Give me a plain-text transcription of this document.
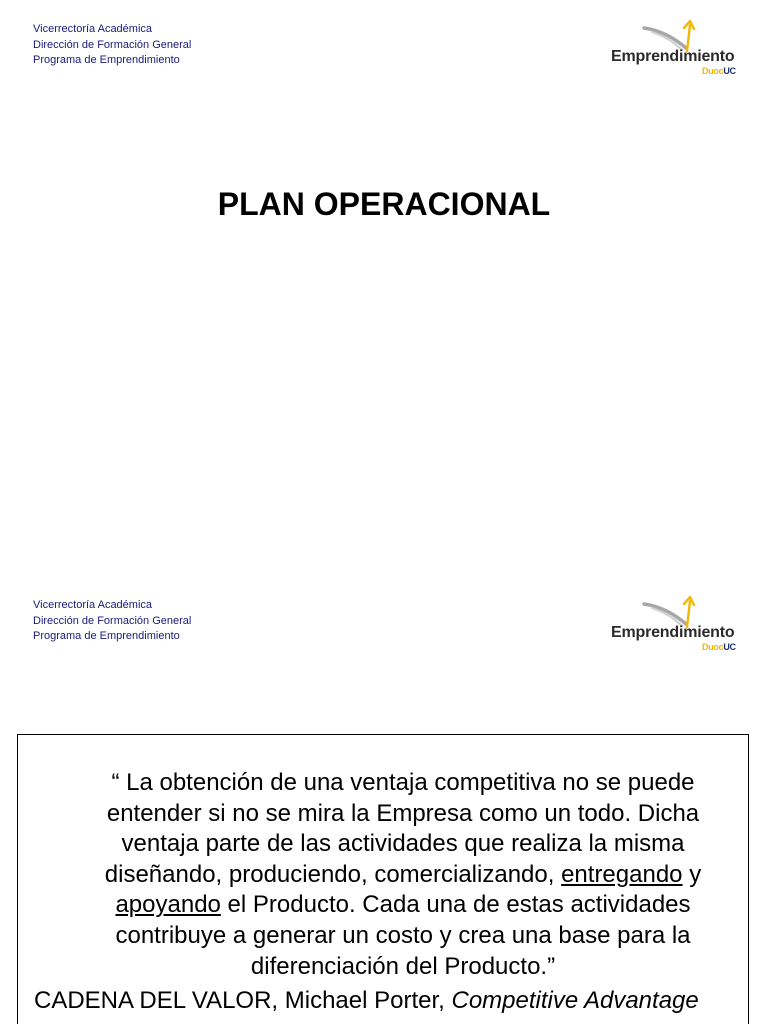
Vicerrectoría Académica
Dirección de Formación General
Programa de Emprendimiento	Emprendimiento
DuocUC
PLAN OPERACIONAL
Vicerrectoría Académica
Dirección de Formación General
Programa de Emprendimiento	Emprendimiento
DuocUC
“ La obtención de una ventaja competitiva no se puede entender si no se mira la Empresa como un todo. Dicha ventaja parte de las actividades que realiza la misma diseñando, produciendo, comercializando, entregando y apoyando el Producto. Cada una de estas actividades contribuye a generar un costo y crea una base para la diferenciación del Producto.”
CADENA DEL VALOR, Michael Porter, Competitive Advantage
